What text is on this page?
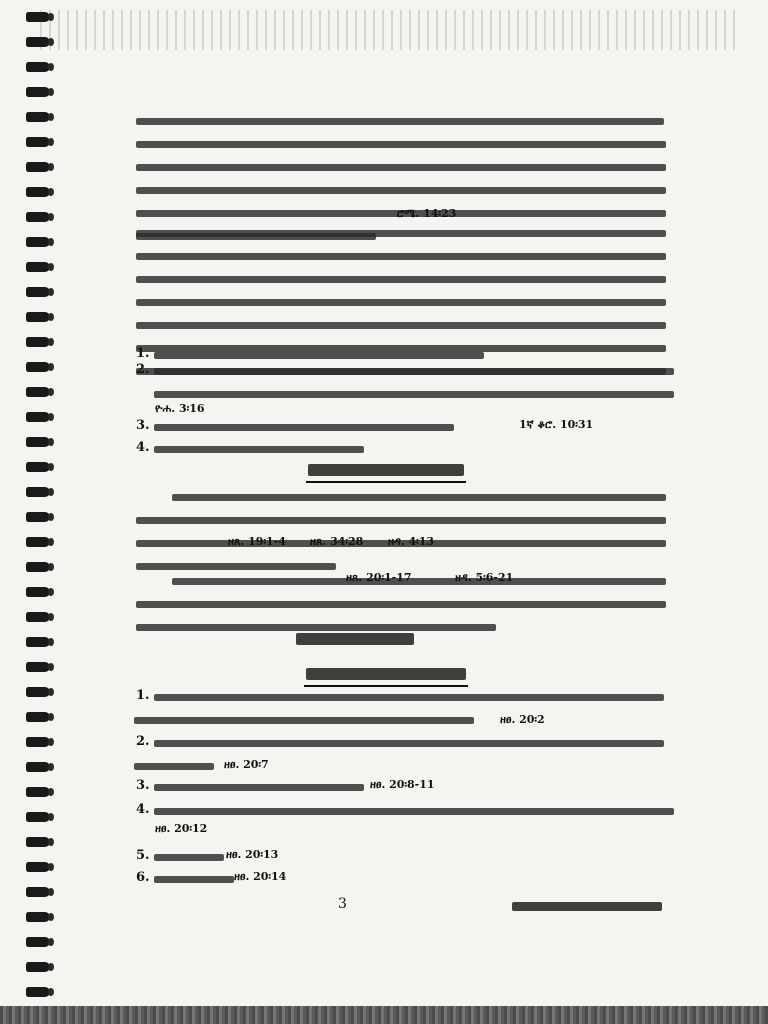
ሮሜ. 14፡23
1.
2.
ዮሐ. 3፡16
3.	1ኛ ቆሮ. 10፡31
4.
ዘጸ. 19፡1-4 ዘጸ. 34፡28 ዘዳ. 4፡13
ዘጸ. 20፡1-17	ዘዳ. 5፡6-21
1.
ዘፀ. 20፡2
2.
ዘፀ. 20፡7
3.	ዘፀ. 20፡8-11
4.
ዘፀ. 20፡12
5.	ዘፀ. 20፡13
6.	ዘፀ. 20፡14
3
